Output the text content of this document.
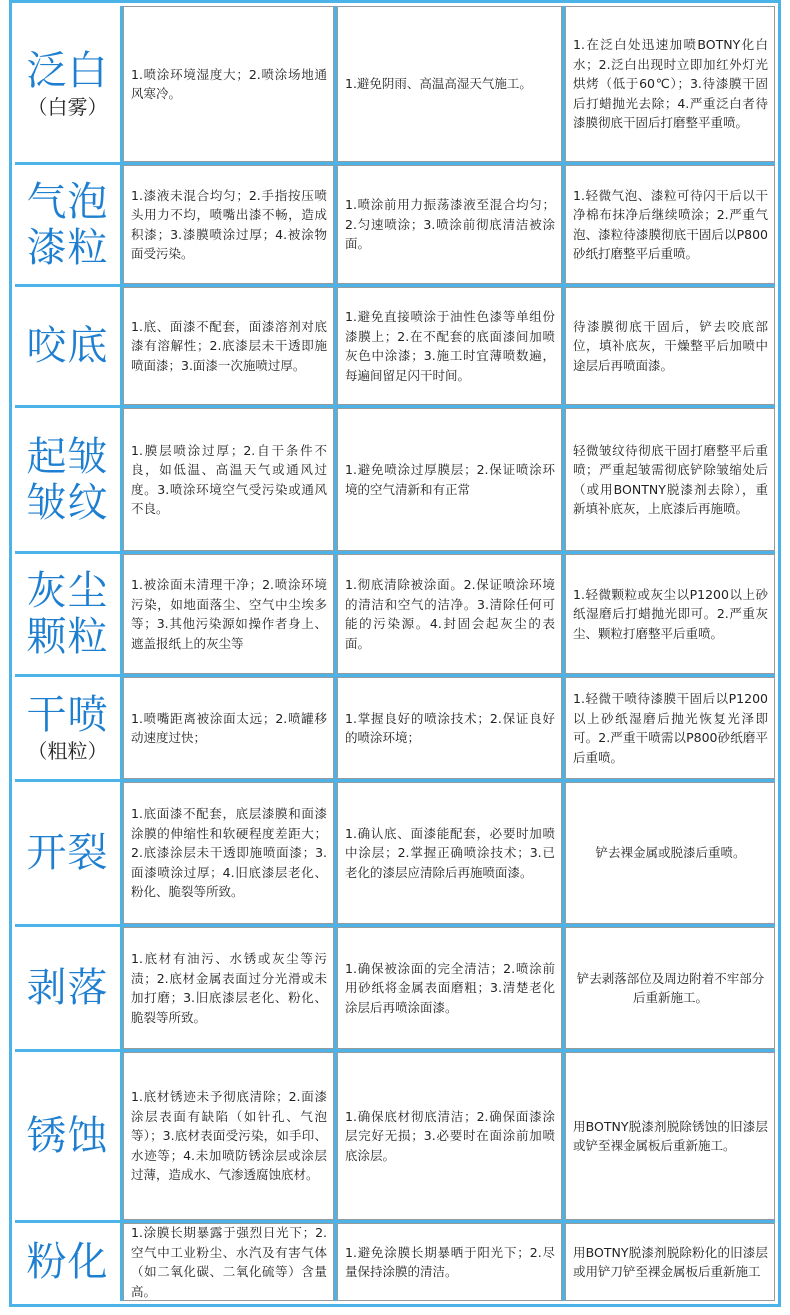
泛白
（白雾）
1.喷涂环境湿度大；2.喷涂场地通风寒冷。
1.避免阴雨、高温高湿天气施工。
1.在泛白处迅速加喷BOTNY化白水；2.泛白出现时立即加红外灯光烘烤（低于60℃）；3.待漆膜干固后打蜡抛光去除；4.严重泛白者待漆膜彻底干固后打磨整平重喷。
气泡
漆粒
1.漆液未混合均匀；2.手指按压喷头用力不均，喷嘴出漆不畅，造成积漆；3.漆膜喷涂过厚；4.被涂物面受污染。
1.喷涂前用力振荡漆液至混合均匀；2.匀速喷涂；3.喷涂前彻底清洁被涂面。
1.轻微气泡、漆粒可待闪干后以干净棉布抹净后继续喷涂；2.严重气泡、漆粒待漆膜彻底干固后以P800砂纸打磨整平后重喷。
咬底 1.底、面漆不配套，面漆溶剂对底漆有溶解性；2.底漆层未干透即施喷面漆；3.面漆一次施喷过厚。
1.避免直接喷涂于油性色漆等单组份漆膜上；2.在不配套的底面漆间加喷灰色中涂漆；3.施工时宜薄喷数遍，每遍间留足闪干时间。
待漆膜彻底干固后，铲去咬底部位，填补底灰，干燥整平后加喷中途层后再喷面漆。
起皱
皱纹
1.膜层喷涂过厚；2.自干条件不良，如低温、高温天气或通风过度。3.喷涂环境空气受污染或通风不良。
1.避免喷涂过厚膜层；2.保证喷涂环境的空气清新和有正常
轻微皱纹待彻底干固打磨整平后重喷；严重起皱需彻底铲除皱缩处后（或用BONTNY脱漆剂去除），重新填补底灰，上底漆后再施喷。
灰尘
颗粒
1.被涂面未清理干净；2.喷涂环境污染，如地面落尘、空气中尘埃多等；3.其他污染源如操作者身上、遮盖报纸上的灰尘等
1.彻底清除被涂面。2.保证喷涂环境的清洁和空气的洁净。3.清除任何可能的污染源。4.封固会起灰尘的表面。
1.轻微颗粒或灰尘以P1200以上砂纸湿磨后打蜡抛光即可。2.严重灰尘、颗粒打磨整平后重喷。
干喷
（粗粒）
1.喷嘴距离被涂面太远；2.喷罐移动速度过快；
1.掌握良好的喷涂技术；2.保证良好的喷涂环境；
1.轻微干喷待漆膜干固后以P1200以上砂纸湿磨后抛光恢复光泽即可。2.严重干喷需以P800砂纸磨平后重喷。
开裂
1.底面漆不配套，底层漆膜和面漆涂膜的伸缩性和软硬程度差距大；2.底漆涂层未干透即施喷面漆；3.面漆喷涂过厚；4.旧底漆层老化、粉化、脆裂等所致。
1.确认底、面漆能配套，必要时加喷中涂层；2.掌握正确喷涂技术；3.已老化的漆层应清除后再施喷面漆。
铲去裸金属或脱漆后重喷。
剥落
1.底材有油污、水锈或灰尘等污渍；2.底材金属表面过分光滑或未加打磨；3.旧底漆层老化、粉化、脆裂等所致。
1.确保被涂面的完全清洁；2.喷涂前用砂纸将金属表面磨粗；3.清楚老化涂层后再喷涂面漆。
铲去剥落部位及周边附着不牢部分后重新施工。
锈蚀
1.底材锈迹未予彻底清除；2.面漆涂层表面有缺陷（如针孔、气泡等）；3.底材表面受污染，如手印、水迹等；4.未加喷防锈涂层或涂层过薄，造成水、气渗透腐蚀底材。
1.确保底材彻底清洁；2.确保面漆涂层完好无损；3.必要时在面涂前加喷底涂层。
用BOTNY脱漆剂脱除锈蚀的旧漆层或铲至裸金属板后重新施工。
粉化
1.涂膜长期暴露于强烈日光下；2.空气中工业粉尘、水汽及有害气体（如二氧化碳、二氧化硫等）含量高。
1.避免涂膜长期暴晒于阳光下；2.尽量保持涂膜的清洁。
用BOTNY脱漆剂脱除粉化的旧漆层或用铲刀铲至裸金属板后重新施工
